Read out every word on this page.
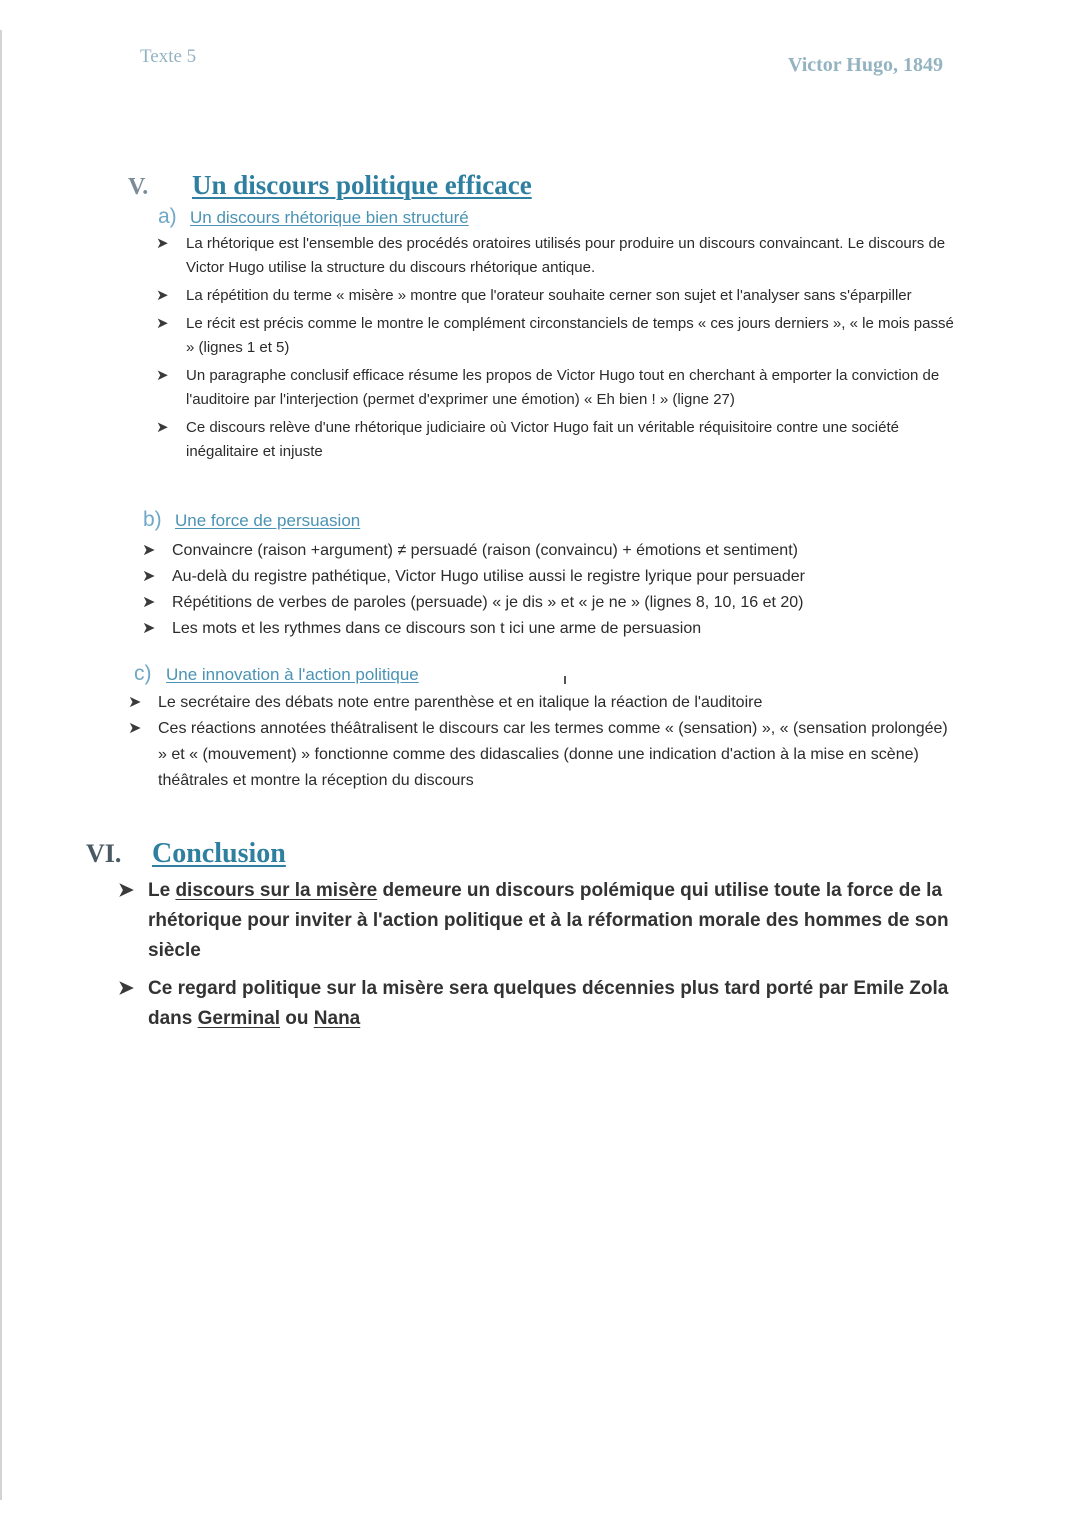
Texte 5	Victor Hugo, 1849
V.	Un discours politique efficace
a) Un discours rhétorique bien structuré
➤ La rhétorique est l'ensemble des procédés oratoires utilisés pour produire un discours convaincant. Le discours de Victor Hugo utilise la structure du discours rhétorique antique.
➤ La répétition du terme « misère » montre que l'orateur souhaite cerner son sujet et l'analyser sans s'éparpiller
➤ Le récit est précis comme le montre le complément circonstanciels de temps « ces jours derniers », « le mois passé » (lignes 1 et 5)
➤ Un paragraphe conclusif efficace résume les propos de Victor Hugo tout en cherchant à emporter la conviction de l'auditoire par l'interjection (permet d'exprimer une émotion) « Eh bien ! » (ligne 27)
➤ Ce discours relève d'une rhétorique judiciaire où Victor Hugo fait un véritable réquisitoire contre une société inégalitaire et injuste
b) Une force de persuasion
➤ Convaincre (raison +argument) ≠ persuadé (raison (convaincu) + émotions et sentiment)
➤ Au-delà du registre pathétique, Victor Hugo utilise aussi le registre lyrique pour persuader
➤ Répétitions de verbes de paroles (persuade) « je dis » et « je ne » (lignes 8, 10, 16 et 20)
➤ Les mots et les rythmes dans ce discours son t ici une arme de persuasion
c) Une innovation à l'action politique
➤ Le secrétaire des débats note entre parenthèse et en italique la réaction de l'auditoire
➤ Ces réactions annotées théâtralisent le discours car les termes comme « (sensation) », « (sensation prolongée) » et « (mouvement) » fonctionne comme des didascalies (donne une indication d'action à la mise en scène) théâtrales et montre la réception du discours
VI.	Conclusion
➤ Le discours sur la misère demeure un discours polémique qui utilise toute la force de la rhétorique pour inviter à l'action politique et à la réformation morale des hommes de son siècle
➤ Ce regard politique sur la misère sera quelques décennies plus tard porté par Emile Zola dans Germinal ou Nana
